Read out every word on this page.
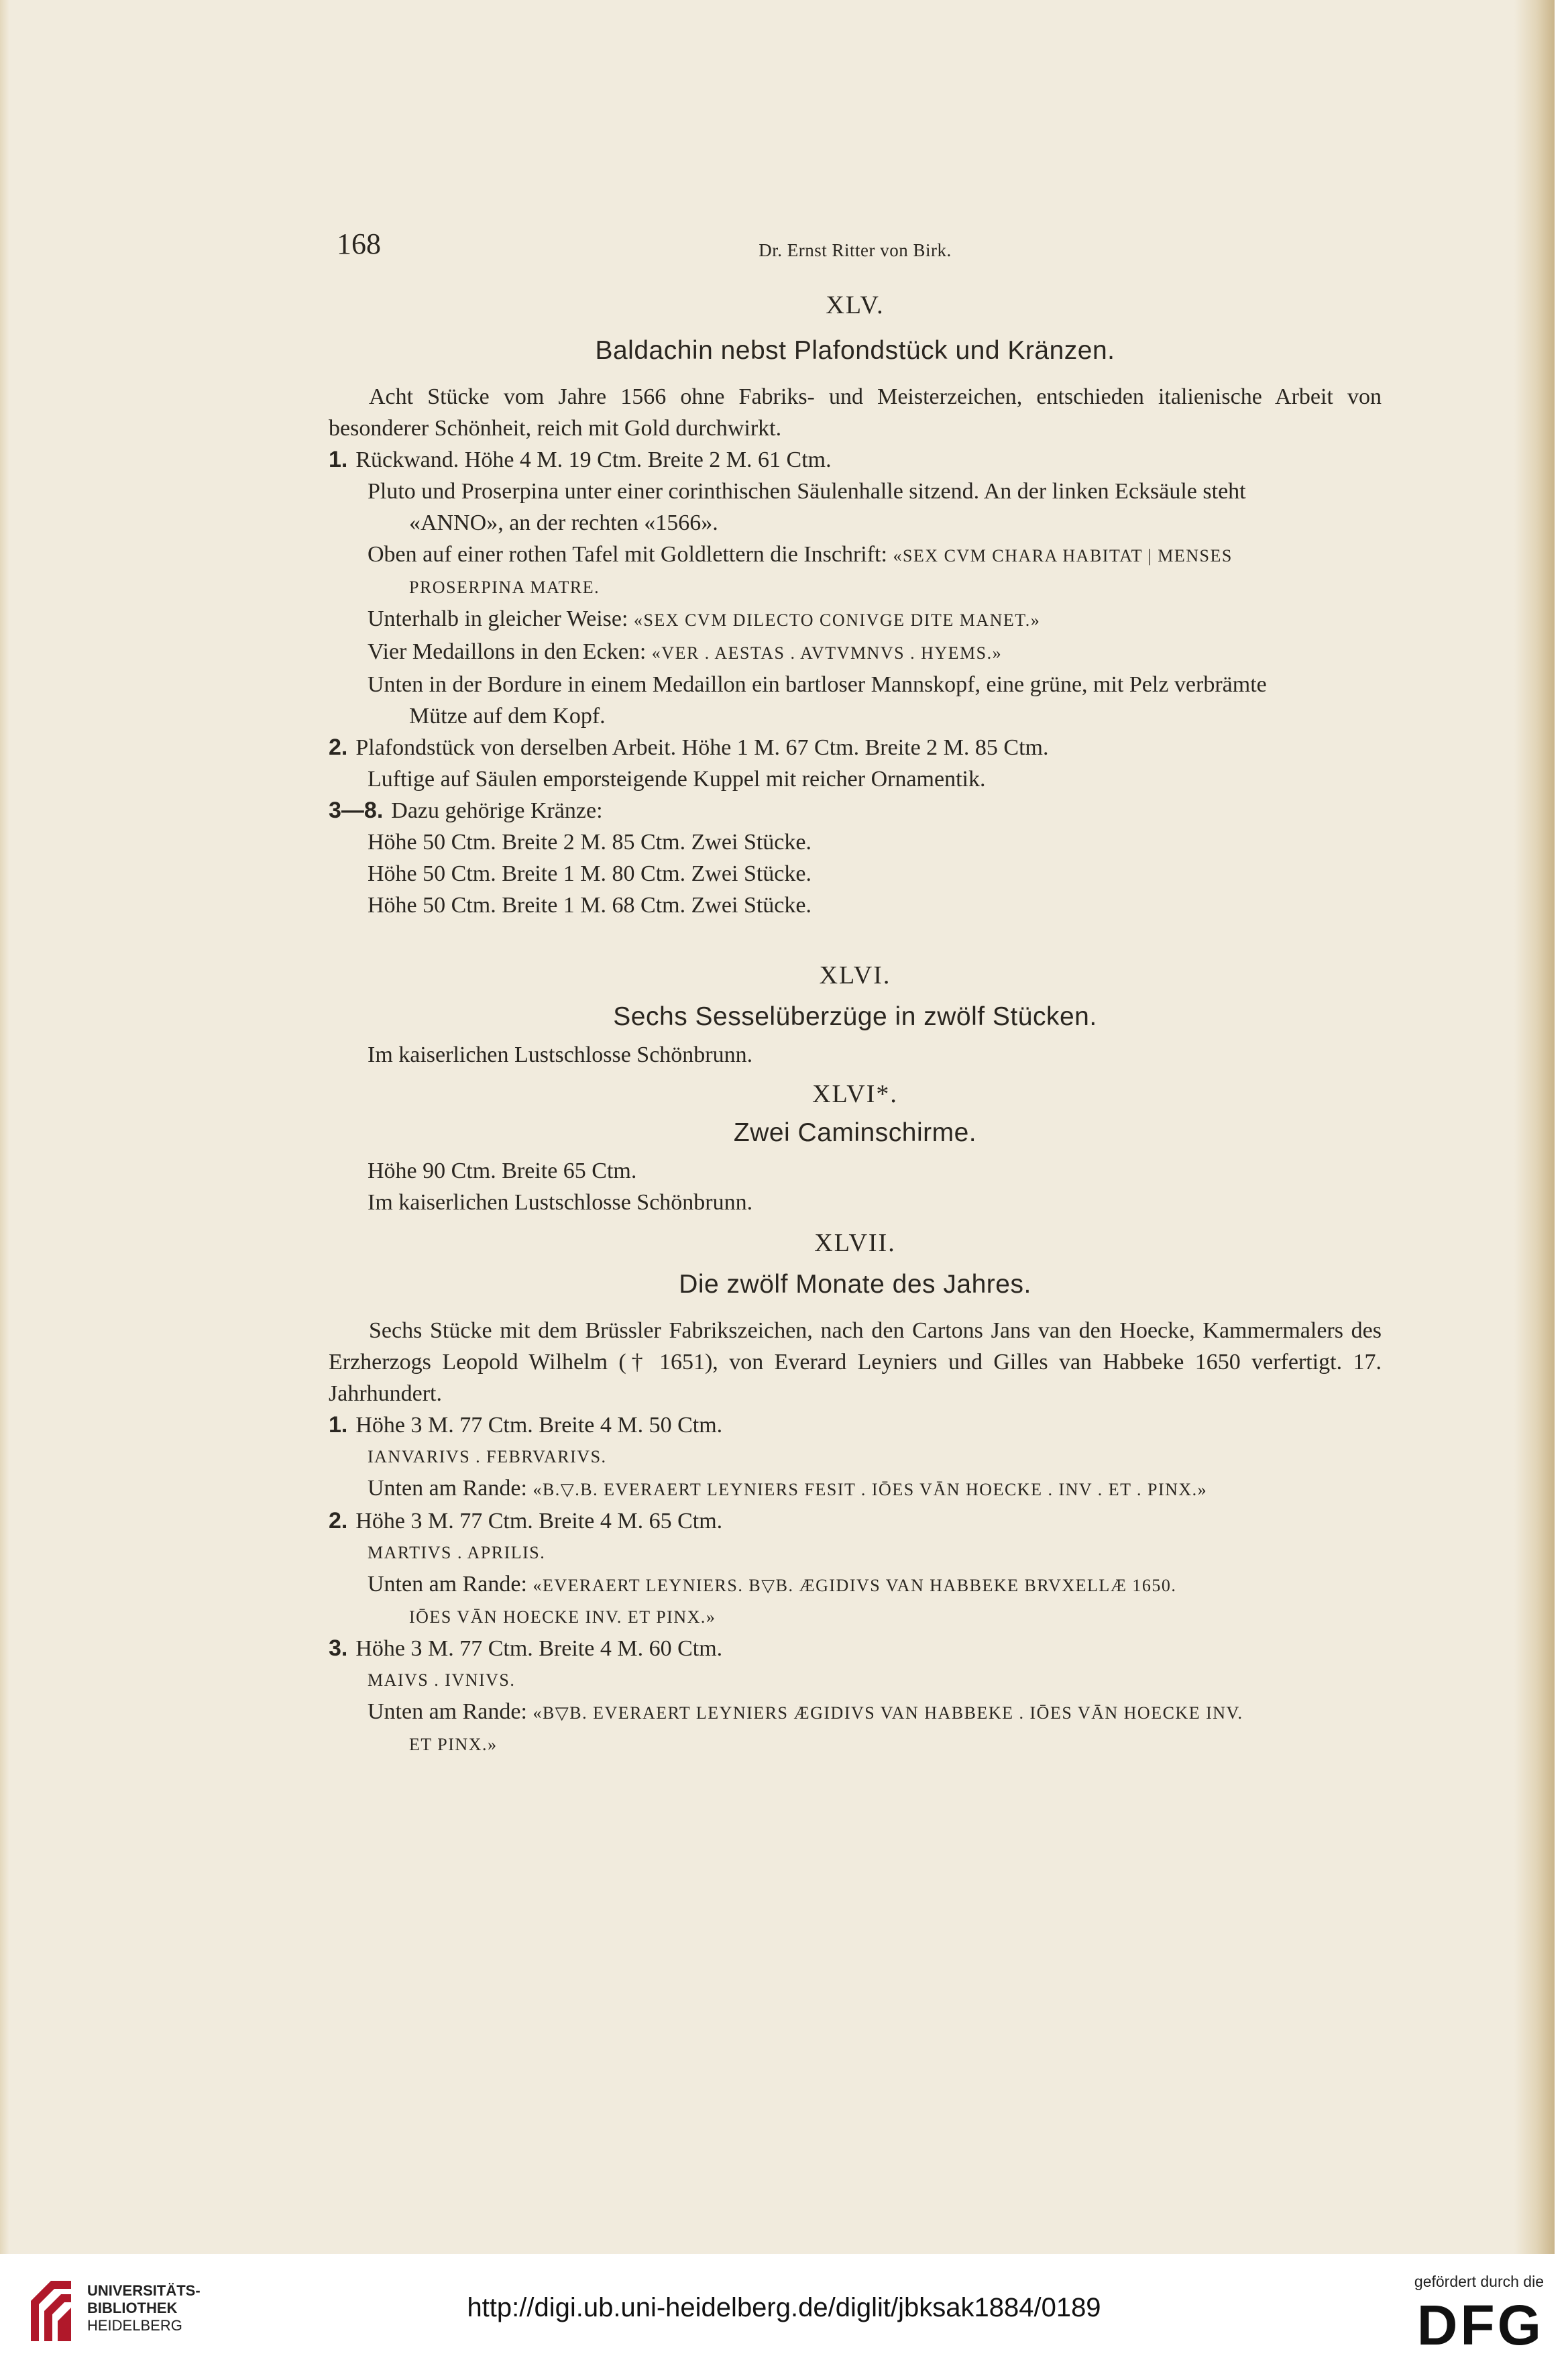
168	Dr. Ernst Ritter von Birk.

XLV.

Baldachin nebst Plafondstück und Kränzen.

Acht Stücke vom Jahre 1566 ohne Fabriks- und Meisterzeichen, entschieden italienische Arbeit von besonderer Schönheit, reich mit Gold durchwirkt.

1. Rückwand. Höhe 4 M. 19 Ctm. Breite 2 M. 61 Ctm.

Pluto und Proserpina unter einer corinthischen Säulenhalle sitzend. An der linken Ecksäule steht

«ANNO», an der rechten «1566».

Oben auf einer rothen Tafel mit Goldlettern die Inschrift: «SEX CVM CHARA HABITAT | MENSES

PROSERPINA MATRE.

Unterhalb in gleicher Weise: «SEX CVM DILECTO CONIVGE DITE MANET.»

Vier Medaillons in den Ecken: «VER . AESTAS . AVTVMNVS . HYEMS.»

Unten in der Bordure in einem Medaillon ein bartloser Mannskopf, eine grüne, mit Pelz verbrämte

Mütze auf dem Kopf.

2. Plafondstück von derselben Arbeit. Höhe 1 M. 67 Ctm. Breite 2 M. 85 Ctm.

Luftige auf Säulen emporsteigende Kuppel mit reicher Ornamentik.

3—8. Dazu gehörige Kränze:

Höhe 50 Ctm. Breite 2 M. 85 Ctm. Zwei Stücke.

Höhe 50 Ctm. Breite 1 M. 80 Ctm. Zwei Stücke.

Höhe 50 Ctm. Breite 1 M. 68 Ctm. Zwei Stücke.

XLVI.

Sechs Sesselüberzüge in zwölf Stücken.

Im kaiserlichen Lustschlosse Schönbrunn.

XLVI*.

Zwei Caminschirme.

Höhe 90 Ctm. Breite 65 Ctm.

Im kaiserlichen Lustschlosse Schönbrunn.

XLVII.

Die zwölf Monate des Jahres.

Sechs Stücke mit dem Brüssler Fabrikszeichen, nach den Cartons Jans van den Hoecke, Kammermalers des Erzherzogs Leopold Wilhelm († 1651), von Everard Leyniers und Gilles van Habbeke 1650 verfertigt. 17. Jahrhundert.

1. Höhe 3 M. 77 Ctm. Breite 4 M. 50 Ctm.

IANVARIVS . FEBRVARIVS.

Unten am Rande: «B.▽.B. EVERAERT LEYNIERS FESIT . IŌES VĀN HOECKE . INV . ET . PINX.»

2. Höhe 3 M. 77 Ctm. Breite 4 M. 65 Ctm.

MARTIVS . APRILIS.

Unten am Rande: «EVERAERT LEYNIERS. B▽B. ÆGIDIVS VAN HABBEKE BRVXELLÆ 1650.

IŌES VĀN HOECKE INV. ET PINX.»

3. Höhe 3 M. 77 Ctm. Breite 4 M. 60 Ctm.

MAIVS . IVNIVS.

Unten am Rande: «B▽B. EVERAERT LEYNIERS ÆGIDIVS VAN HABBEKE . IŌES VĀN HOECKE INV.

ET PINX.»

UNIVERSITÄTS-
BIBLIOTHEK
HEIDELBERG
http://digi.ub.uni-heidelberg.de/diglit/jbksak1884/0189
gefördert durch die
DFG
